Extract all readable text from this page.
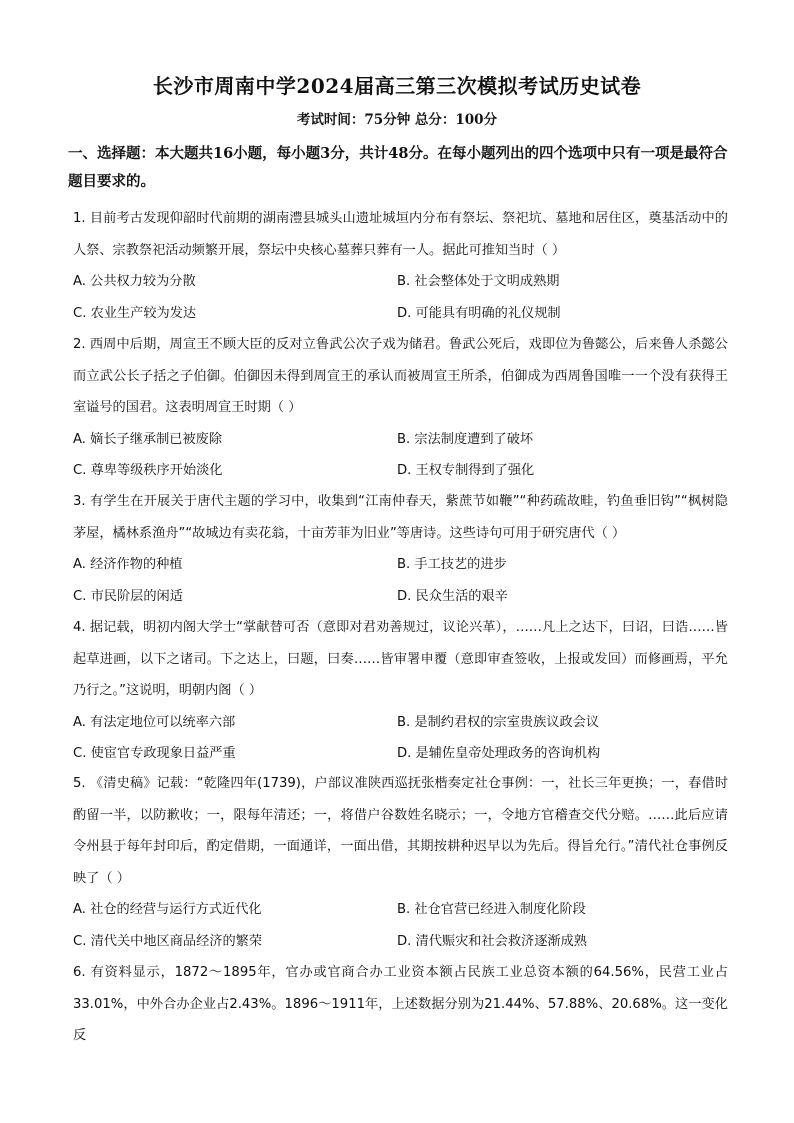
长沙市周南中学2024届高三第三次模拟考试历史试卷
考试时间：75分钟 总分：100分
一、选择题：本大题共16小题，每小题3分，共计48分。在每小题列出的四个选项中只有一项是最符合题目要求的。

1. 目前考古发现仰韶时代前期的湖南澧县城头山遗址城垣内分布有祭坛、祭祀坑、墓地和居住区，奠基活动中的人祭、宗教祭祀活动频繁开展，祭坛中央核心墓葬只葬有一人。据此可推知当时（ ）

A. 公共权力较为分散	B. 社会整体处于文明成熟期
C. 农业生产较为发达	D. 可能具有明确的礼仪规制

2. 西周中后期，周宣王不顾大臣的反对立鲁武公次子戏为储君。鲁武公死后，戏即位为鲁懿公，后来鲁人杀懿公而立武公长子括之子伯御。伯御因未得到周宣王的承认而被周宣王所杀，伯御成为西周鲁国唯一一个没有获得王室谥号的国君。这表明周宣王时期（ ）

A. 嫡长子继承制已被废除	B. 宗法制度遭到了破坏
C. 尊卑等级秩序开始淡化	D. 王权专制得到了强化

3. 有学生在开展关于唐代主题的学习中，收集到“江南仲春天，紫蔗节如鞭”“种药疏故畦，钓鱼垂旧钩”“枫树隐茅屋，橘林系渔舟”“故城边有卖花翁，十亩芳菲为旧业”等唐诗。这些诗句可用于研究唐代（ ）

A. 经济作物的种植	B. 手工技艺的进步
C. 市民阶层的闲适	D. 民众生活的艰辛

4. 据记载，明初内阁大学士“掌献替可否（意即对君劝善规过，议论兴革），……凡上之达下，曰诏，曰诰……皆起草进画，以下之诸司。下之达上，曰题，曰奏……皆审署申覆（意即审查签收，上报或发回）而修画焉，平允乃行之。”这说明，明朝内阁（ ）

A. 有法定地位可以统率六部	B. 是制约君权的宗室贵族议政会议
C. 使宦官专政现象日益严重	D. 是辅佐皇帝处理政务的咨询机构

5. 《清史稿》记载：“乾隆四年(1739)，户部议准陕西巡抚张楷奏定社仓事例：一，社长三年更换；一，春借时酌留一半，以防歉收；一，限每年清还；一，将借户谷数姓名晓示；一，令地方官稽查交代分赔。……此后应请令州县于每年封印后，酌定借期，一面通详，一面出借，其期按耕种迟早以为先后。得旨允行。”清代社仓事例反映了（ ）

A. 社仓的经营与运行方式近代化	B. 社仓官营已经进入制度化阶段
C. 清代关中地区商品经济的繁荣	D. 清代赈灾和社会救济逐渐成熟

6. 有资料显示，1872～1895年，官办或官商合办工业资本额占民族工业总资本额的64.56%，民营工业占33.01%，中外合办企业占2.43%。1896～1911年，上述数据分别为21.44%、57.88%、20.68%。这一变化反
